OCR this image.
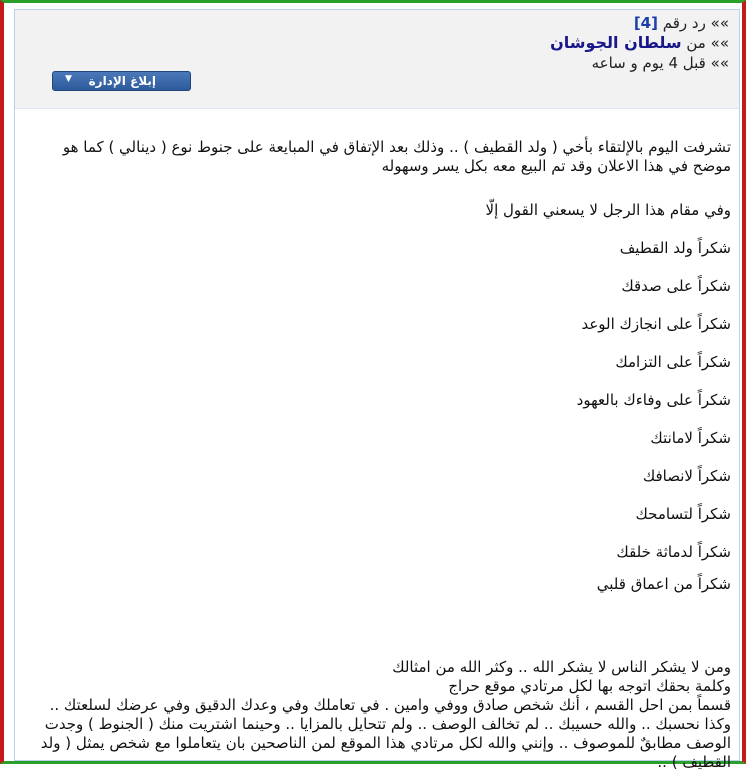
»» رد رقم [4]
»» من سلطان الجوشان
»» قبل 4 يوم و ساعه
إبلاغ الإدارة
▼

تشرفت اليوم بالإلتقاء بأخي ( ولد القطيف ) .. وذلك بعد الإتفاق في المبايعة على جنوط نوع ( دينالي ) كما هو موضح في هذا الاعلان وقد تم البيع معه بكل يسر وسهوله

وفي مقام هذا الرجل لا يسعني القول إلّا

شكراً ولد القطيف
شكراً على صدقك
شكراً على انجازك الوعد
شكراً على التزامك
شكراً على وفاءك بالعهود
شكراً لامانتك
شكراً لانصافك
شكراً لتسامحك
شكراً لدماثة خلقك
شكراً من اعماق قلبي
ومن لا يشكر الناس لا يشكر الله .. وكثر الله من امثالك
وكلمة بحقك اتوجه بها لكل مرتادي موقع حراج
قسماً بمن احل القسم ، أنك شخص صادق ووفي وامين . في تعاملك وفي وعدك الدقيق وفي عرضك لسلعتك .. وكذا نحسبك .. والله حسيبك .. لم تخالف الوصف .. ولم تتحايل بالمزايا .. وحينما اشتريت منك ( الجنوط ) وجدت الوصف مطابقٌ للموصوف .. وإنني والله لكل مرتادي هذا الموقع لمن الناصحين بان يتعاملوا مع شخص يمثل ( ولد القطيف ) ..
